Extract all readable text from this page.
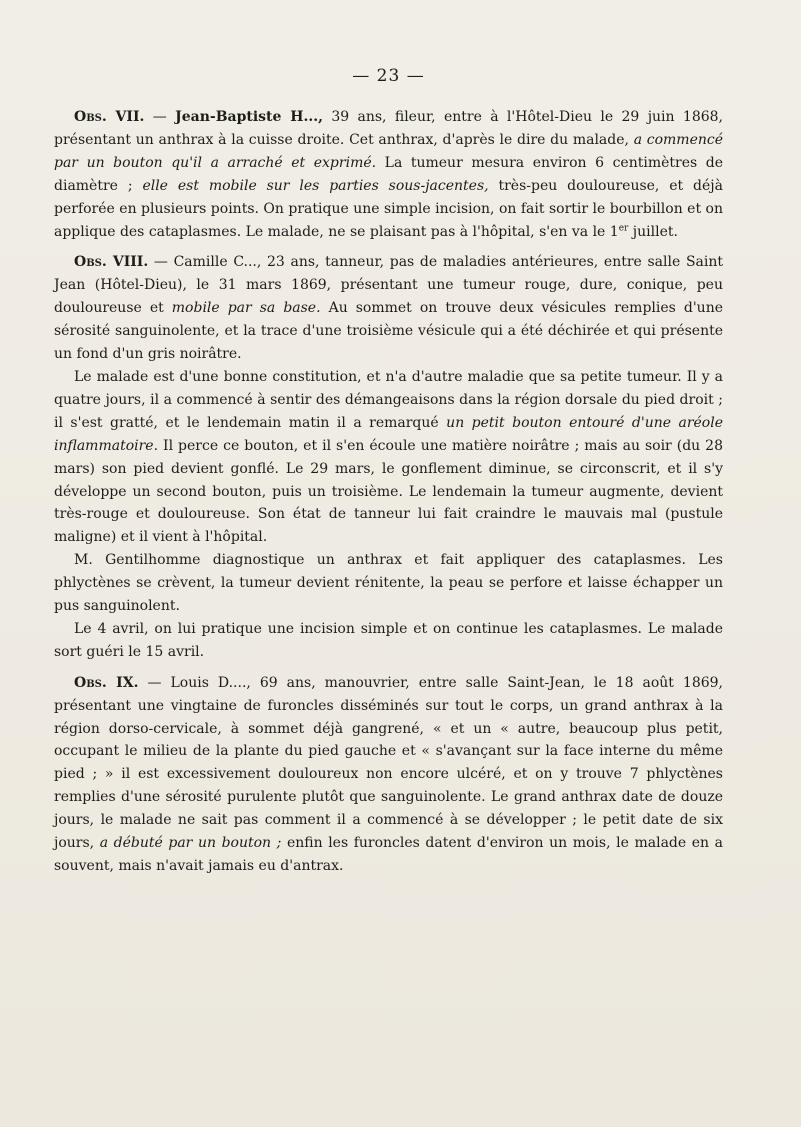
— 23 —

Obs. VII. — Jean-Baptiste H..., 39 ans, fileur, entre à l'Hôtel-Dieu le 29 juin 1868, présentant un anthrax à la cuisse droite. Cet anthrax, d'après le dire du malade, a commencé par un bouton qu'il a arraché et exprimé. La tumeur mesura environ 6 centimètres de diamètre ; elle est mobile sur les parties sous-jacentes, très-peu douloureuse, et déjà perforée en plusieurs points. On pratique une simple incision, on fait sortir le bourbillon et on applique des cataplasmes. Le malade, ne se plaisant pas à l'hôpital, s'en va le 1er juillet.

Obs. VIII. — Camille C..., 23 ans, tanneur, pas de maladies antérieures, entre salle Saint Jean (Hôtel-Dieu), le 31 mars 1869, présentant une tumeur rouge, dure, conique, peu douloureuse et mobile par sa base. Au sommet on trouve deux vésicules remplies d'une sérosité sanguinolente, et la trace d'une troisième vésicule qui a été déchirée et qui présente un fond d'un gris noirâtre.

Le malade est d'une bonne constitution, et n'a d'autre maladie que sa petite tumeur. Il y a quatre jours, il a commencé à sentir des démangeaisons dans la région dorsale du pied droit ; il s'est gratté, et le lendemain matin il a remarqué un petit bouton entouré d'une aréole inflammatoire. Il perce ce bouton, et il s'en écoule une matière noirâtre ; mais au soir (du 28 mars) son pied devient gonflé. Le 29 mars, le gonflement diminue, se circonscrit, et il s'y développe un second bouton, puis un troisième. Le lendemain la tumeur augmente, devient très-rouge et douloureuse. Son état de tanneur lui fait craindre le mauvais mal (pustule maligne) et il vient à l'hôpital.

M. Gentilhomme diagnostique un anthrax et fait appliquer des cataplasmes. Les phlyctènes se crèvent, la tumeur devient rénitente, la peau se perfore et laisse échapper un pus sanguinolent.

Le 4 avril, on lui pratique une incision simple et on continue les cataplasmes. Le malade sort guéri le 15 avril.

Obs. IX. — Louis D...., 69 ans, manouvrier, entre salle Saint-Jean, le 18 août 1869, présentant une vingtaine de furoncles disséminés sur tout le corps, un grand anthrax à la région dorso-cervicale, à sommet déjà gangrené, « et un « autre, beaucoup plus petit, occupant le milieu de la plante du pied gauche et « s'avançant sur la face interne du même pied ; » il est excessivement douloureux non encore ulcéré, et on y trouve 7 phlyctènes remplies d'une sérosité purulente plutôt que sanguinolente. Le grand anthrax date de douze jours, le malade ne sait pas comment il a commencé à se développer ; le petit date de six jours, a débuté par un bouton ; enfin les furoncles datent d'environ un mois, le malade en a souvent, mais n'avait jamais eu d'antrax.
